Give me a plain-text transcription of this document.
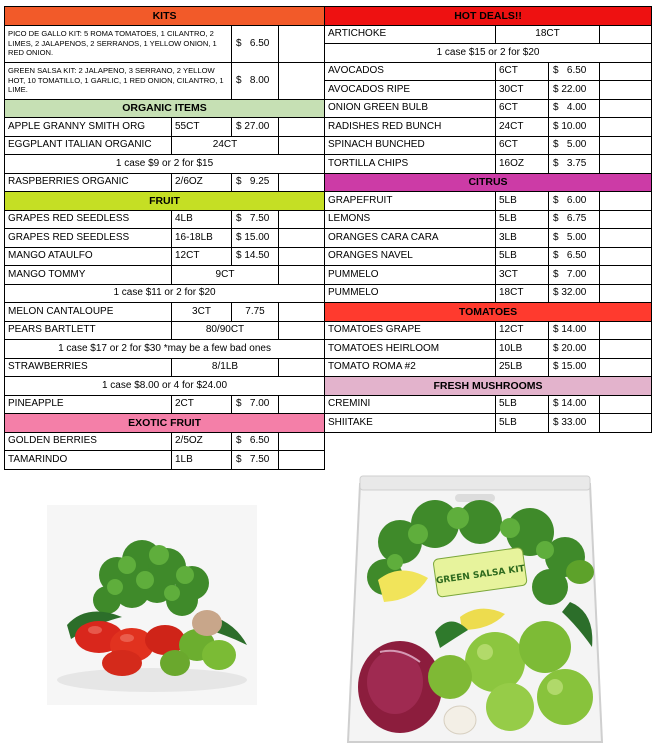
KITS			
PICO DE GALLO KIT: 5 ROMA TOMATOES, 1 CILANTRO, 2 LIMES, 2 JALAPENOS, 2 SERRANOS, 1 YELLOW ONION, 1 RED ONION.		$   6.50	
GREEN SALSA KIT: 2 JALAPENO, 3 SERRANO, 2 YELLOW HOT, 10 TOMATILLO, 1 GARLIC, 1 RED ONION, CILANTRO, 1 LIME.		$   8.00	
ORGANIC ITEMS			
APPLE GRANNY SMITH ORG	55CT	$ 27.00	
EGGPLANT ITALIAN ORGANIC	24CT		
1 case $9 or 2 for $15			
RASPBERRIES ORGANIC	2/6OZ	$   9.25	
FRUIT			
GRAPES RED SEEDLESS	4LB	$   7.50	
GRAPES RED SEEDLESS	16-18LB	$ 15.00	
MANGO ATAULFO	12CT	$ 14.50	
MANGO TOMMY	9CT		
1 case $11 or 2 for $20			
MELON CANTALOUPE	3CT	7.75	
PEARS BARTLETT	80/90CT		
1 case $17 or 2 for $30 *may be a few bad ones			
STRAWBERRIES	8/1LB		
1 case $8.00 or 4 for $24.00			
PINEAPPLE	2CT	$   7.00	
EXOTIC FRUIT			
GOLDEN BERRIES	2/5OZ	$   6.50	
TAMARINDO	1LB	$   7.50	
HOT DEALS!!			
ARTICHOKE	18CT		
1 case $15 or 2 for $20			
AVOCADOS	6CT	$   6.50	
AVOCADOS RIPE	30CT	$ 22.00	
ONION GREEN BULB	6CT	$   4.00	
RADISHES RED BUNCH	24CT	$ 10.00	
SPINACH BUNCHED	6CT	$   5.00	
TORTILLA CHIPS	16OZ	$   3.75	
CITRUS			
GRAPEFRUIT	5LB	$   6.00	
LEMONS	5LB	$   6.75	
ORANGES CARA CARA	3LB	$   5.00	
ORANGES NAVEL	5LB	$   6.50	
PUMMELO	3CT	$   7.00	
PUMMELO	18CT	$ 32.00	
TOMATOES			
TOMATOES GRAPE	12CT	$ 14.00	
TOMATOES HEIRLOOM	10LB	$ 20.00	
TOMATO ROMA #2	25LB	$ 15.00	
FRESH MUSHROOMS			
CREMINI	5LB	$ 14.00	
SHIITAKE	5LB	$ 33.00	
GREEN SALSA KIT
